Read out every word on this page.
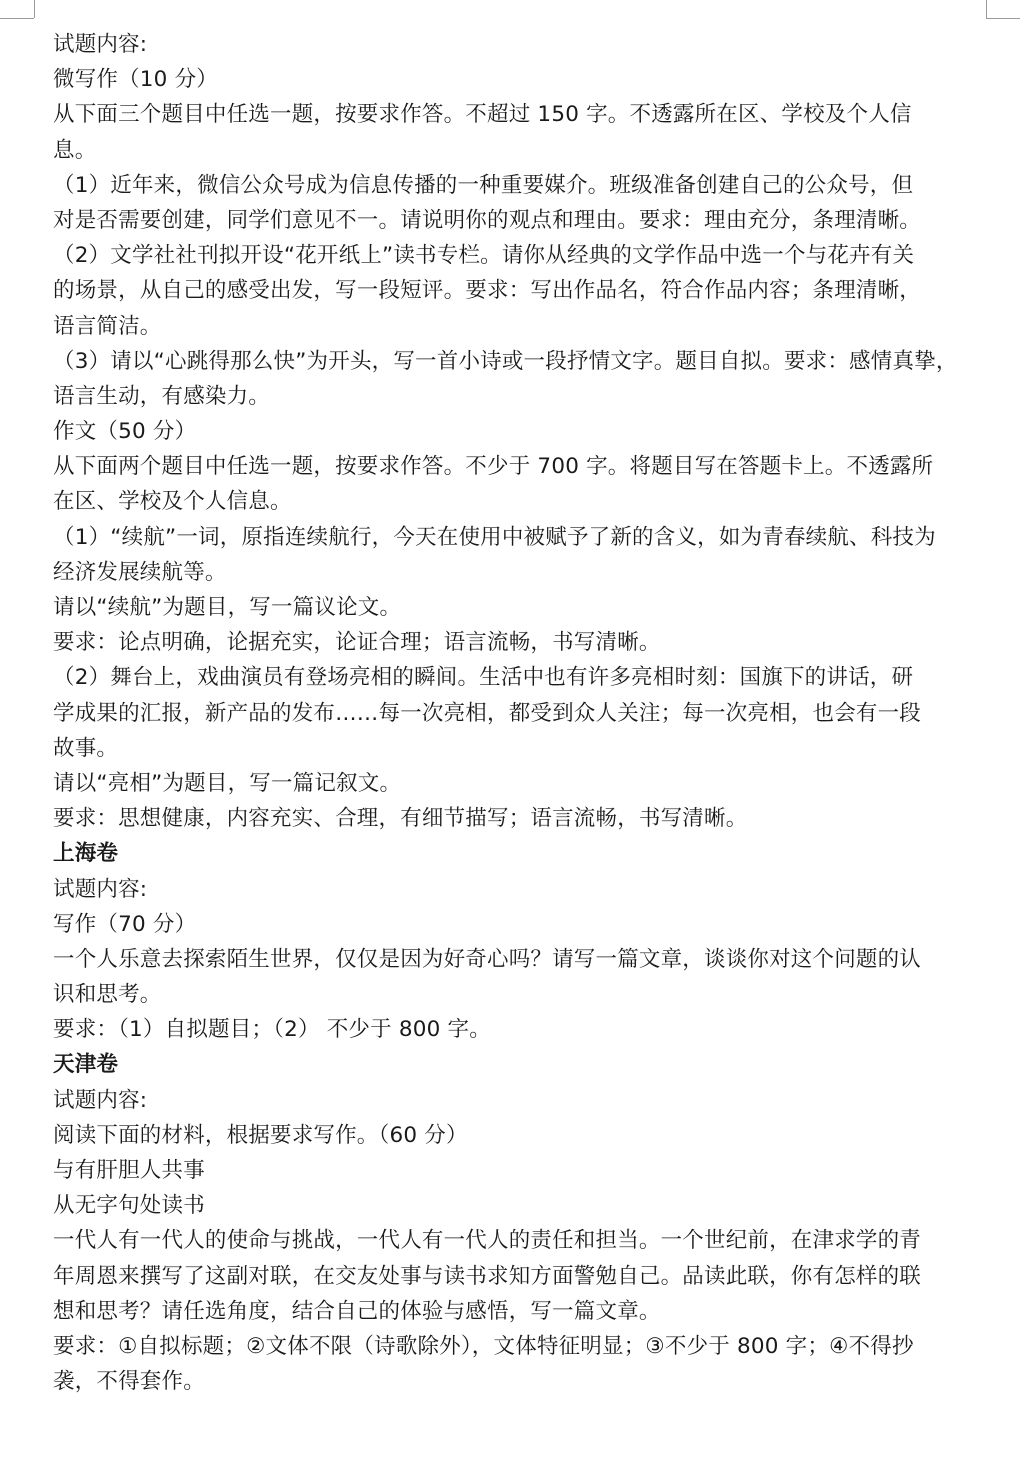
试题内容:
微写作（10 分）
从下面三个题目中任选一题，按要求作答。不超过 150 字。不透露所在区、学校及个人信
息。
（1）近年来，微信公众号成为信息传播的一种重要媒介。班级准备创建自己的公众号，但
对是否需要创建，同学们意见不一。请说明你的观点和理由。要求：理由充分，条理清晰。
（2）文学社社刊拟开设“花开纸上”读书专栏。请你从经典的文学作品中选一个与花卉有关
的场景，从自己的感受出发，写一段短评。要求：写出作品名，符合作品内容；条理清晰，
语言简洁。
（3）请以“心跳得那么快”为开头，写一首小诗或一段抒情文字。题目自拟。要求：感情真挚，
语言生动，有感染力。
作文（50 分）
从下面两个题目中任选一题，按要求作答。不少于 700 字。将题目写在答题卡上。不透露所
在区、学校及个人信息。
（1）“续航”一词，原指连续航行，今天在使用中被赋予了新的含义，如为青春续航、科技为
经济发展续航等。
请以“续航”为题目，写一篇议论文。
要求：论点明确，论据充实，论证合理；语言流畅，书写清晰。
（2）舞台上，戏曲演员有登场亮相的瞬间。生活中也有许多亮相时刻：国旗下的讲话，研
学成果的汇报，新产品的发布……每一次亮相，都受到众人关注；每一次亮相，也会有一段
故事。
请以“亮相”为题目，写一篇记叙文。
要求：思想健康，内容充实、合理，有细节描写；语言流畅，书写清晰。
上海卷
试题内容:
写作（70 分）
一个人乐意去探索陌生世界，仅仅是因为好奇心吗？请写一篇文章，谈谈你对这个问题的认
识和思考。
要求：（1）自拟题目；（2） 不少于 800 字。
天津卷
试题内容:
阅读下面的材料，根据要求写作。（60 分）
与有肝胆人共事
从无字句处读书
一代人有一代人的使命与挑战，一代人有一代人的责任和担当。一个世纪前，在津求学的青
年周恩来撰写了这副对联，在交友处事与读书求知方面警勉自己。品读此联，你有怎样的联
想和思考？请任选角度，结合自己的体验与感悟，写一篇文章。
要求：①自拟标题；②文体不限（诗歌除外），文体特征明显；③不少于 800 字；④不得抄
袭，不得套作。
